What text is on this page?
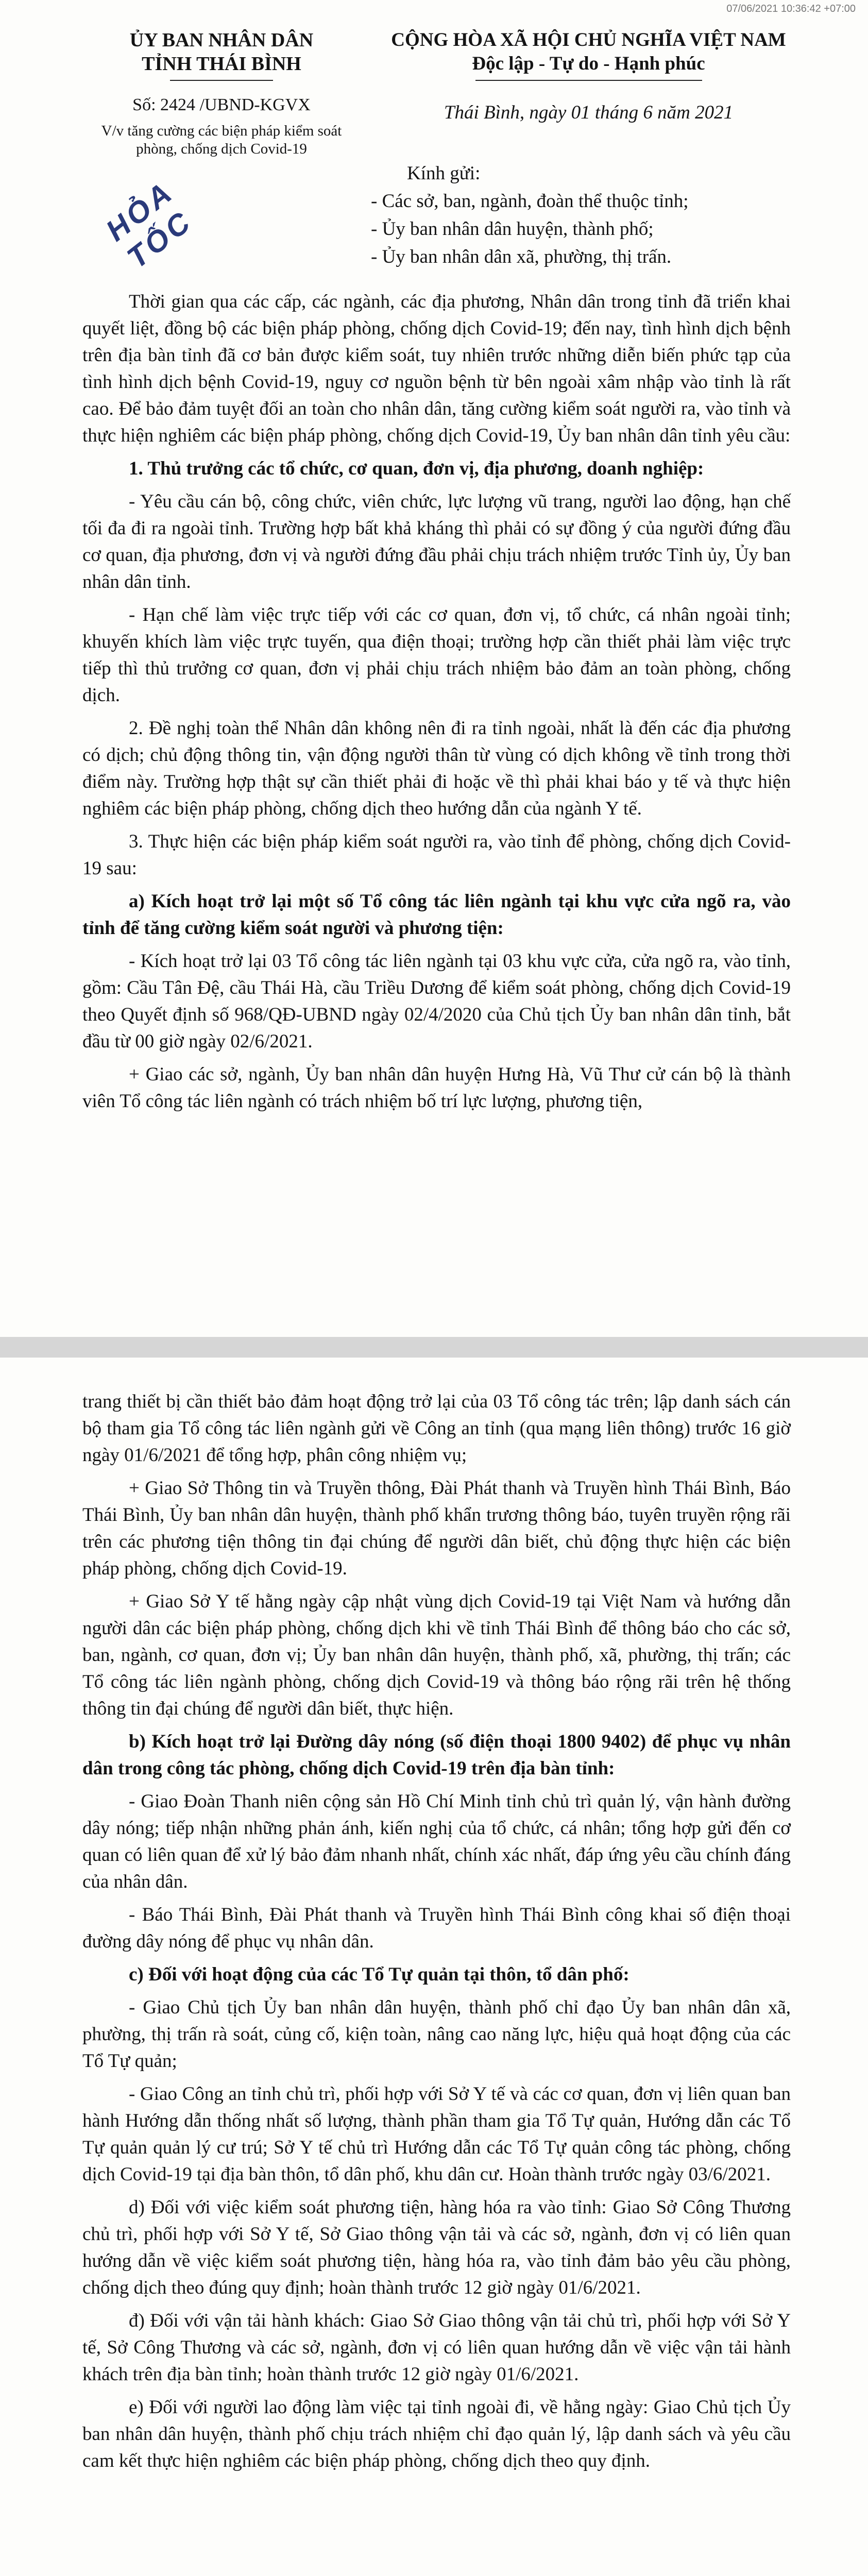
07/06/2021 10:36:42 +07:00
ỦY BAN NHÂN DÂN
TỈNH THÁI BÌNH
Số: 2424 /UBND-KGVX
V/v tăng cường các biện pháp kiểm soát phòng, chống dịch Covid-19
CỘNG HÒA XÃ HỘI CHỦ NGHĨA VIỆT NAM
Độc lập - Tự do - Hạnh phúc
Thái Bình, ngày 01 tháng 6 năm 2021
HỎA TỐC
Kính gửi:
- Các sở, ban, ngành, đoàn thể thuộc tỉnh;
- Ủy ban nhân dân huyện, thành phố;
- Ủy ban nhân dân xã, phường, thị trấn.

Thời gian qua các cấp, các ngành, các địa phương, Nhân dân trong tỉnh đã triển khai quyết liệt, đồng bộ các biện pháp phòng, chống dịch Covid-19; đến nay, tình hình dịch bệnh trên địa bàn tỉnh đã cơ bản được kiểm soát, tuy nhiên trước những diễn biến phức tạp của tình hình dịch bệnh Covid-19, nguy cơ nguồn bệnh từ bên ngoài xâm nhập vào tỉnh là rất cao. Để bảo đảm tuyệt đối an toàn cho nhân dân, tăng cường kiểm soát người ra, vào tỉnh và thực hiện nghiêm các biện pháp phòng, chống dịch Covid-19, Ủy ban nhân dân tỉnh yêu cầu:

1. Thủ trưởng các tổ chức, cơ quan, đơn vị, địa phương, doanh nghiệp:

- Yêu cầu cán bộ, công chức, viên chức, lực lượng vũ trang, người lao động, hạn chế tối đa đi ra ngoài tỉnh. Trường hợp bất khả kháng thì phải có sự đồng ý của người đứng đầu cơ quan, địa phương, đơn vị và người đứng đầu phải chịu trách nhiệm trước Tỉnh ủy, Ủy ban nhân dân tỉnh.

- Hạn chế làm việc trực tiếp với các cơ quan, đơn vị, tổ chức, cá nhân ngoài tỉnh; khuyến khích làm việc trực tuyến, qua điện thoại; trường hợp cần thiết phải làm việc trực tiếp thì thủ trưởng cơ quan, đơn vị phải chịu trách nhiệm bảo đảm an toàn phòng, chống dịch.

2. Đề nghị toàn thể Nhân dân không nên đi ra tỉnh ngoài, nhất là đến các địa phương có dịch; chủ động thông tin, vận động người thân từ vùng có dịch không về tỉnh trong thời điểm này. Trường hợp thật sự cần thiết phải đi hoặc về thì phải khai báo y tế và thực hiện nghiêm các biện pháp phòng, chống dịch theo hướng dẫn của ngành Y tế.

3. Thực hiện các biện pháp kiểm soát người ra, vào tỉnh để phòng, chống dịch Covid-19 sau:

a) Kích hoạt trở lại một số Tổ công tác liên ngành tại khu vực cửa ngõ ra, vào tỉnh để tăng cường kiểm soát người và phương tiện:

- Kích hoạt trở lại 03 Tổ công tác liên ngành tại 03 khu vực cửa, cửa ngõ ra, vào tỉnh, gồm: Cầu Tân Đệ, cầu Thái Hà, cầu Triều Dương để kiểm soát phòng, chống dịch Covid-19 theo Quyết định số 968/QĐ-UBND ngày 02/4/2020 của Chủ tịch Ủy ban nhân dân tỉnh, bắt đầu từ 00 giờ ngày 02/6/2021.

+ Giao các sở, ngành, Ủy ban nhân dân huyện Hưng Hà, Vũ Thư cử cán bộ là thành viên Tổ công tác liên ngành có trách nhiệm bố trí lực lượng, phương tiện,

trang thiết bị cần thiết bảo đảm hoạt động trở lại của 03 Tổ công tác trên; lập danh sách cán bộ tham gia Tổ công tác liên ngành gửi về Công an tỉnh (qua mạng liên thông) trước 16 giờ ngày 01/6/2021 để tổng hợp, phân công nhiệm vụ;

+ Giao Sở Thông tin và Truyền thông, Đài Phát thanh và Truyền hình Thái Bình, Báo Thái Bình, Ủy ban nhân dân huyện, thành phố khẩn trương thông báo, tuyên truyền rộng rãi trên các phương tiện thông tin đại chúng để người dân biết, chủ động thực hiện các biện pháp phòng, chống dịch Covid-19.

+ Giao Sở Y tế hằng ngày cập nhật vùng dịch Covid-19 tại Việt Nam và hướng dẫn người dân các biện pháp phòng, chống dịch khi về tỉnh Thái Bình để thông báo cho các sở, ban, ngành, cơ quan, đơn vị; Ủy ban nhân dân huyện, thành phố, xã, phường, thị trấn; các Tổ công tác liên ngành phòng, chống dịch Covid-19 và thông báo rộng rãi trên hệ thống thông tin đại chúng để người dân biết, thực hiện.

b) Kích hoạt trở lại Đường dây nóng (số điện thoại 1800 9402) để phục vụ nhân dân trong công tác phòng, chống dịch Covid-19 trên địa bàn tỉnh:

- Giao Đoàn Thanh niên cộng sản Hồ Chí Minh tỉnh chủ trì quản lý, vận hành đường dây nóng; tiếp nhận những phản ánh, kiến nghị của tổ chức, cá nhân; tổng hợp gửi đến cơ quan có liên quan để xử lý bảo đảm nhanh nhất, chính xác nhất, đáp ứng yêu cầu chính đáng của nhân dân.

- Báo Thái Bình, Đài Phát thanh và Truyền hình Thái Bình công khai số điện thoại đường dây nóng để phục vụ nhân dân.

c) Đối với hoạt động của các Tổ Tự quản tại thôn, tổ dân phố:

- Giao Chủ tịch Ủy ban nhân dân huyện, thành phố chỉ đạo Ủy ban nhân dân xã, phường, thị trấn rà soát, củng cố, kiện toàn, nâng cao năng lực, hiệu quả hoạt động của các Tổ Tự quản;

- Giao Công an tỉnh chủ trì, phối hợp với Sở Y tế và các cơ quan, đơn vị liên quan ban hành Hướng dẫn thống nhất số lượng, thành phần tham gia Tổ Tự quản, Hướng dẫn các Tổ Tự quản quản lý cư trú; Sở Y tế chủ trì Hướng dẫn các Tổ Tự quản công tác phòng, chống dịch Covid-19 tại địa bàn thôn, tổ dân phố, khu dân cư. Hoàn thành trước ngày 03/6/2021.

d) Đối với việc kiểm soát phương tiện, hàng hóa ra vào tỉnh: Giao Sở Công Thương chủ trì, phối hợp với Sở Y tế, Sở Giao thông vận tải và các sở, ngành, đơn vị có liên quan hướng dẫn về việc kiểm soát phương tiện, hàng hóa ra, vào tỉnh đảm bảo yêu cầu phòng, chống dịch theo đúng quy định; hoàn thành trước 12 giờ ngày 01/6/2021.

đ) Đối với vận tải hành khách: Giao Sở Giao thông vận tải chủ trì, phối hợp với Sở Y tế, Sở Công Thương và các sở, ngành, đơn vị có liên quan hướng dẫn về việc vận tải hành khách trên địa bàn tỉnh; hoàn thành trước 12 giờ ngày 01/6/2021.

e) Đối với người lao động làm việc tại tỉnh ngoài đi, về hằng ngày: Giao Chủ tịch Ủy ban nhân dân huyện, thành phố chịu trách nhiệm chỉ đạo quản lý, lập danh sách và yêu cầu cam kết thực hiện nghiêm các biện pháp phòng, chống dịch theo quy định.
